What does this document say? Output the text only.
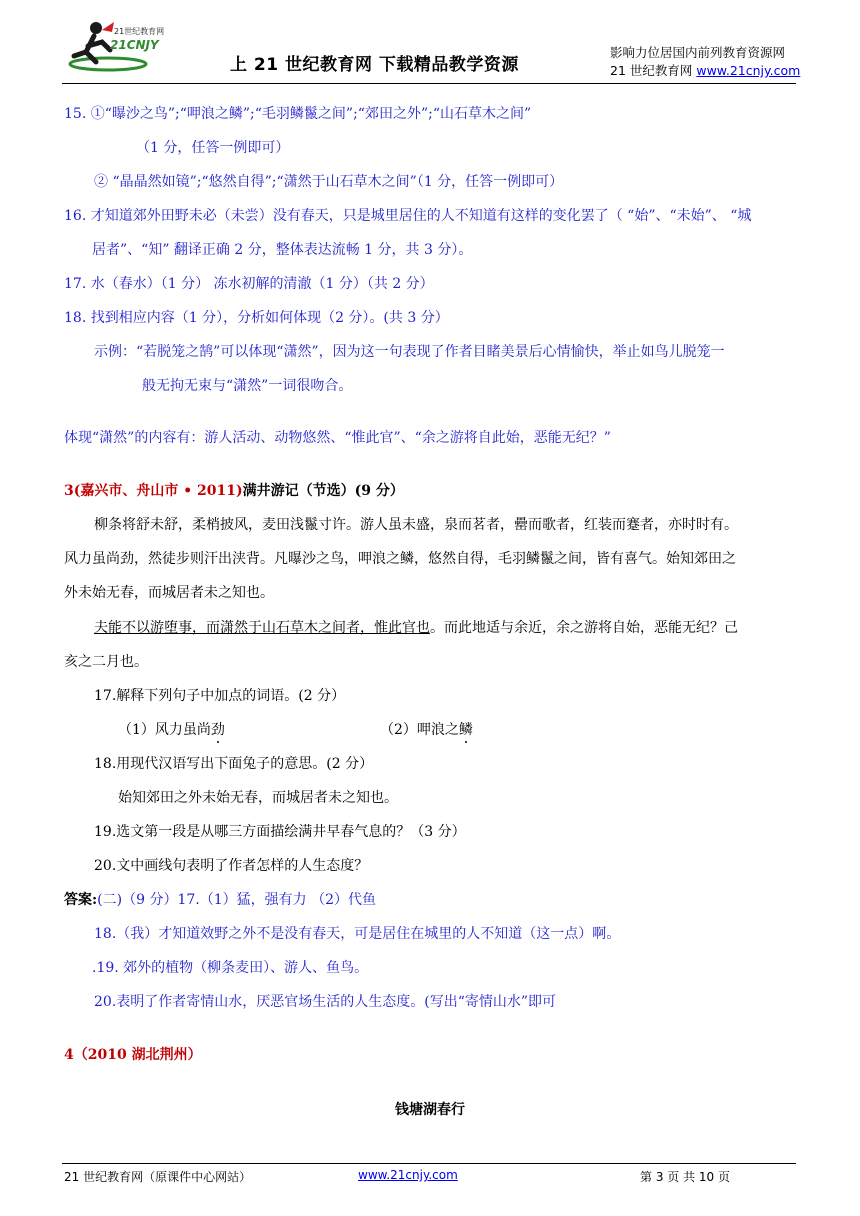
21世纪教育网
21CNJY
上 21 世纪教育网 下载精品教学资源
影响力位居国内前列教育资源网
21 世纪教育网 www.21cnjy.com
15. ①“曝沙之鸟”;“呷浪之鳞”;“毛羽鳞鬣之间”;“郊田之外”;“山石草木之间”
（1 分，任答一例即可）
② “晶晶然如镜”;“悠然自得”;“潇然于山石草木之间”（1 分，任答一例即可）
16. 才知道郊外田野未必（未尝）没有春天，只是城里居住的人不知道有这样的变化罢了（ “始”、“未始”、 “城
居者”、“知” 翻译正确 2 分，整体表达流畅 1 分，共 3 分）。
17. 水（春水）（1 分） 冻水初解的清澈（1 分）（共 2 分）
18. 找到相应内容（1 分），分析如何体现（2 分）。(共 3 分）
示例：“若脱笼之鹄”可以体现“潇然”，因为这一句表现了作者目睹美景后心情愉快，举止如鸟儿脱笼一
般无拘无束与“潇然”一词很吻合。
体现“潇然”的内容有：游人活动、动物悠然、“惟此官”、“余之游将自此始，恶能无纪？”
3(嘉兴市、舟山市 • 2011)满井游记（节选）(9 分）
柳条将舒未舒，柔梢披风，麦田浅鬣寸许。游人虽未盛，泉而茗者，罍而歌者，红装而蹇者，亦时时有。
风力虽尚劲，然徒步则汗出浃背。凡曝沙之鸟，呷浪之鳞，悠然自得，毛羽鳞鬣之间，皆有喜气。始知郊田之
外未始无春，而城居者未之知也。
夫能不以游堕事，而潇然于山石草木之间者，惟此官也。而此地适与余近，余之游将自始，恶能无纪？己
亥之二月也。
17.解释下列句子中加点的词语。(2 分）
（1）风力虽尚劲	（2）呷浪之鳞
18.用现代汉语写出下面兔子的意思。(2 分）
始知郊田之外未始无春，而城居者未之知也。
19.选文第一段是从哪三方面描绘满井早春气息的？（3 分）
20.文中画线句表明了作者怎样的人生态度？
答案:(二)（9 分）17.（1）猛，强有力 （2）代鱼
18.（我）才知道效野之外不是没有春天，可是居住在城里的人不知道（这一点）啊。
.19. 郊外的植物（柳条麦田）、游人、鱼鸟。
20.表明了作者寄情山水，厌恶官场生活的人生态度。(写出“寄情山水”即可
4（2010 湖北荆州）
钱塘湖春行
21 世纪教育网（原课件中心网站）	www.21cnjy.com	第 3 页 共 10 页
